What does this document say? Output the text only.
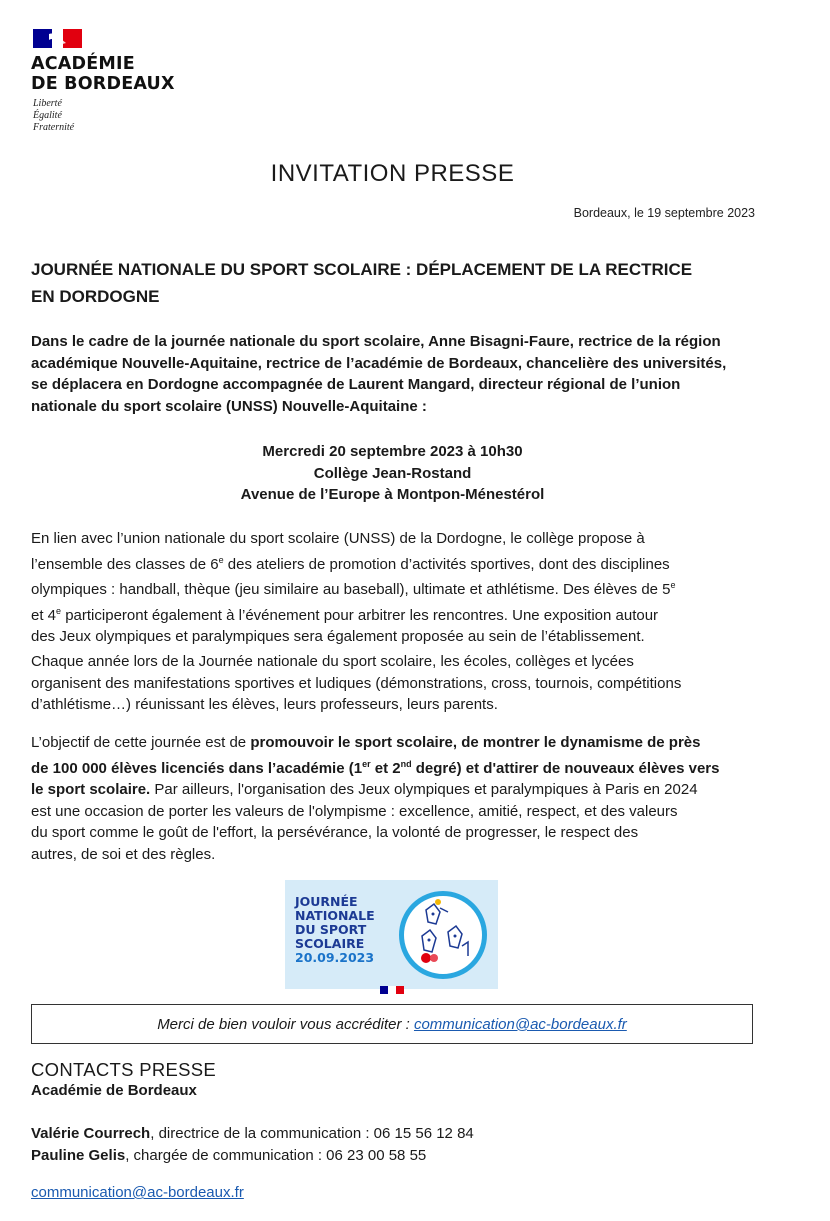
ACADÉMIE
DE BORDEAUX
Liberté
Égalité
Fraternité
INVITATION PRESSE
Bordeaux, le 19 septembre 2023
JOURNÉE NATIONALE DU SPORT SCOLAIRE : DÉPLACEMENT DE LA RECTRICE
EN DORDOGNE
Dans le cadre de la journée nationale du sport scolaire, Anne Bisagni-Faure, rectrice de la région
académique Nouvelle-Aquitaine, rectrice de l’académie de Bordeaux, chancelière des universités,
se déplacera en Dordogne accompagnée de Laurent Mangard, directeur régional de l’union
nationale du sport scolaire (UNSS) Nouvelle-Aquitaine :
Mercredi 20 septembre 2023 à 10h30
Collège Jean-Rostand
Avenue de l’Europe à Montpon-Ménestérol
En lien avec l’union nationale du sport scolaire (UNSS) de la Dordogne, le collège propose à
l’ensemble des classes de 6e des ateliers de promotion d’activités sportives, dont des disciplines
olympiques : handball, thèque (jeu similaire au baseball), ultimate et athlétisme. Des élèves de 5e
et 4e participeront également à l’événement pour arbitrer les rencontres. Une exposition autour
des Jeux olympiques et paralympiques sera également proposée au sein de l’établissement.
Chaque année lors de la Journée nationale du sport scolaire, les écoles, collèges et lycées
organisent des manifestations sportives et ludiques (démonstrations, cross, tournois, compétitions
d’athlétisme…) réunissant les élèves, leurs professeurs, leurs parents.
L’objectif de cette journée est de promouvoir le sport scolaire, de montrer le dynamisme de près
de 100 000 élèves licenciés dans l’académie (1er et 2nd degré) et d'attirer de nouveaux élèves vers
le sport scolaire. Par ailleurs, l'organisation des Jeux olympiques et paralympiques à Paris en 2024
est une occasion de porter les valeurs de l'olympisme : excellence, amitié, respect, et des valeurs
du sport comme le goût de l'effort, la persévérance, la volonté de progresser, le respect des
autres, de soi et des règles.
JOURNÉE
NATIONALE
DU SPORT
SCOLAIRE
20.09.2023
Merci de bien vouloir vous accréditer : communication@ac-bordeaux.fr
CONTACTS PRESSE
Académie de Bordeaux
Valérie Courrech, directrice de la communication : 06 15 56 12 84
Pauline Gelis, chargée de communication : 06 23 00 58 55
communication@ac-bordeaux.fr
